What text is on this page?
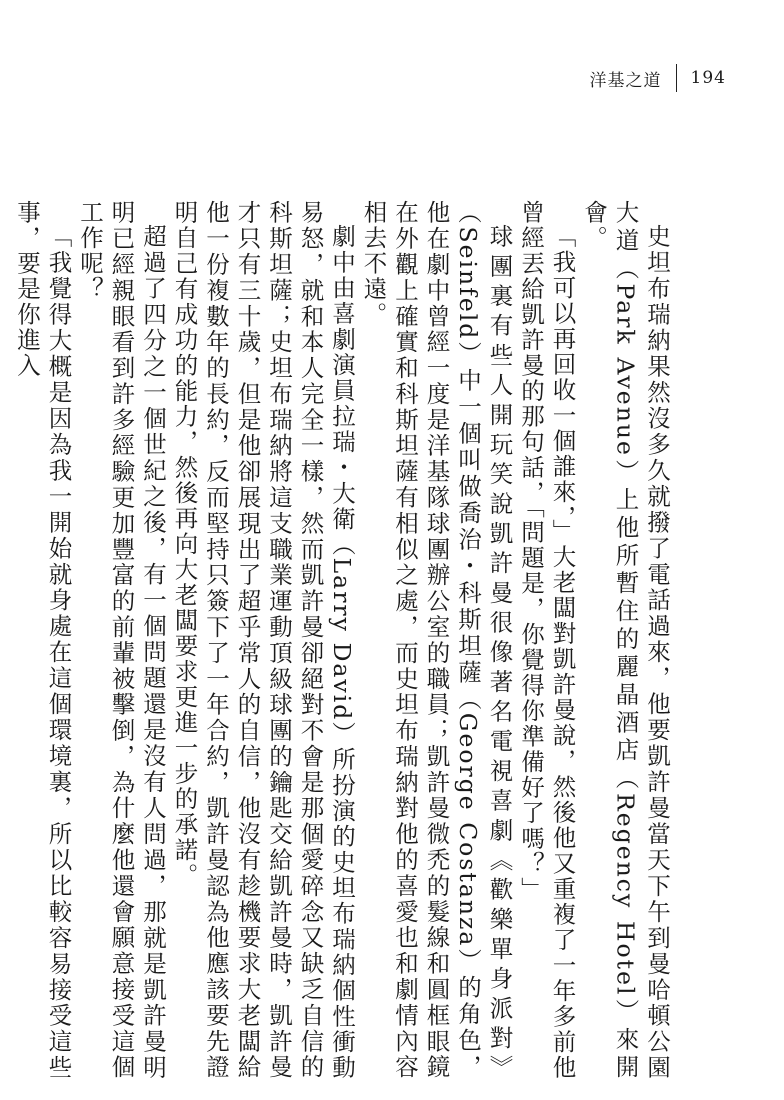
洋基之道 194

史坦布瑞納果然沒多久就撥了電話過來，他要凱許曼當天下午到曼哈頓公園大道（Park Avenue）上他所暫住的麗晶酒店（Regency Hotel）來開會。

「我可以再回收一個誰來，」大老闆對凱許曼說，然後他又重複了一年多前他曾經丟給凱許曼的那句話，「問題是，你覺得你準備好了嗎？」

球團裏有些人開玩笑說凱許曼很像著名電視喜劇《歡樂單身派對》（Seinfeld）中一個叫做喬治・科斯坦薩（George Costanza）的角色，他在劇中曾經一度是洋基隊球團辦公室的職員；凱許曼微禿的髮線和圓框眼鏡在外觀上確實和科斯坦薩有相似之處，而史坦布瑞納對他的喜愛也和劇情內容相去不遠。

劇中由喜劇演員拉瑞・大衛（Larry David）所扮演的史坦布瑞納個性衝動易怒，就和本人完全一樣，然而凱許曼卻絕對不會是那個愛碎念又缺乏自信的科斯坦薩；史坦布瑞納將這支職業運動頂級球團的鑰匙交給凱許曼時，凱許曼才只有三十歲，但是他卻展現出了超乎常人的自信，他沒有趁機要求大老闆給他一份複數年的長約，反而堅持只簽下了一年合約，凱許曼認為他應該要先證明自己有成功的能力，然後再向大老闆要求更進一步的承諾。

超過了四分之一個世紀之後，有一個問題還是沒有人問過，那就是凱許曼明明已經親眼看到許多經驗更加豐富的前輩被擊倒，為什麼他還會願意接受這個工作呢？

「我覺得大概是因為我一開始就身處在這個環境裏，所以比較容易接受這些事，要是你進入
